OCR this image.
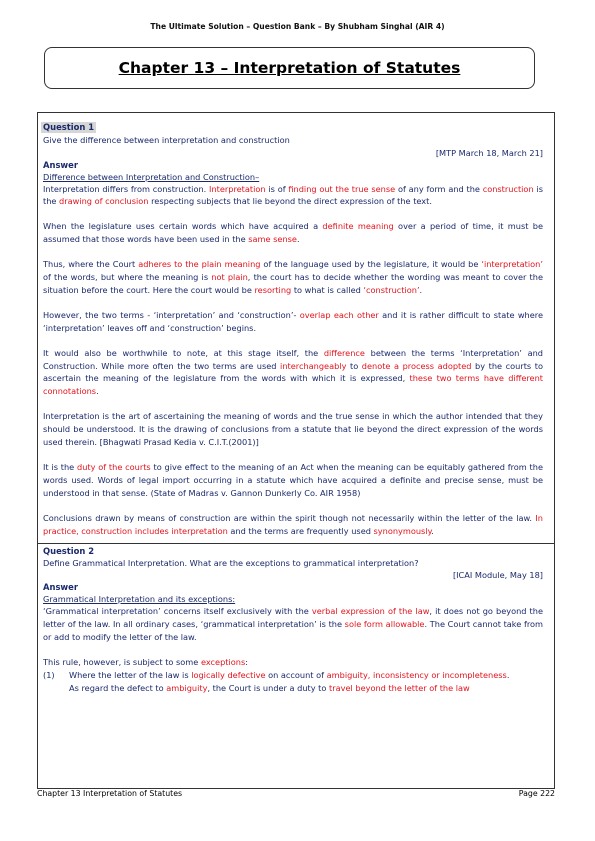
The Ultimate Solution – Question Bank – By Shubham Singhal (AIR 4)
Chapter 13 – Interpretation of Statutes
Question 1
Give the difference between interpretation and construction
[MTP March 18, March 21]
Answer
Difference between Interpretation and Construction–

Interpretation differs from construction. Interpretation is of finding out the true sense of any form and the construction is the drawing of conclusion respecting subjects that lie beyond the direct expression of the text.

When the legislature uses certain words which have acquired a definite meaning over a period of time, it must be assumed that those words have been used in the same sense.

Thus, where the Court adheres to the plain meaning of the language used by the legislature, it would be ‘interpretation’ of the words, but where the meaning is not plain, the court has to decide whether the wording was meant to cover the situation before the court. Here the court would be resorting to what is called ‘construction’.

However, the two terms - ‘interpretation’ and ‘construction’- overlap each other and it is rather difficult to state where ‘interpretation’ leaves off and ‘construction’ begins.

It would also be worthwhile to note, at this stage itself, the difference between the terms ‘Interpretation’ and Construction. While more often the two terms are used interchangeably to denote a process adopted by the courts to ascertain the meaning of the legislature from the words with which it is expressed, these two terms have different connotations.

Interpretation is the art of ascertaining the meaning of words and the true sense in which the author intended that they should be understood. It is the drawing of conclusions from a statute that lie beyond the direct expression of the words used therein. [Bhagwati Prasad Kedia v. C.I.T.(2001)]

It is the duty of the courts to give effect to the meaning of an Act when the meaning can be equitably gathered from the words used. Words of legal import occurring in a statute which have acquired a definite and precise sense, must be understood in that sense. (State of Madras v. Gannon Dunkerly Co. AIR 1958)

Conclusions drawn by means of construction are within the spirit though not necessarily within the letter of the law. In practice, construction includes interpretation and the terms are frequently used synonymously.

Question 2
Define Grammatical Interpretation. What are the exceptions to grammatical interpretation?
[ICAI Module, May 18]
Answer
Grammatical Interpretation and its exceptions:

‘Grammatical interpretation’ concerns itself exclusively with the verbal expression of the law, it does not go beyond the letter of the law. In all ordinary cases, ‘grammatical interpretation’ is the sole form allowable. The Court cannot take from or add to modify the letter of the law.

This rule, however, is subject to some exceptions:

(1)	Where the letter of the law is logically defective on account of ambiguity, inconsistency or incompleteness.
As regard the defect to ambiguity, the Court is under a duty to travel beyond the letter of the law
Chapter 13 Interpretation of Statutes	Page 222
